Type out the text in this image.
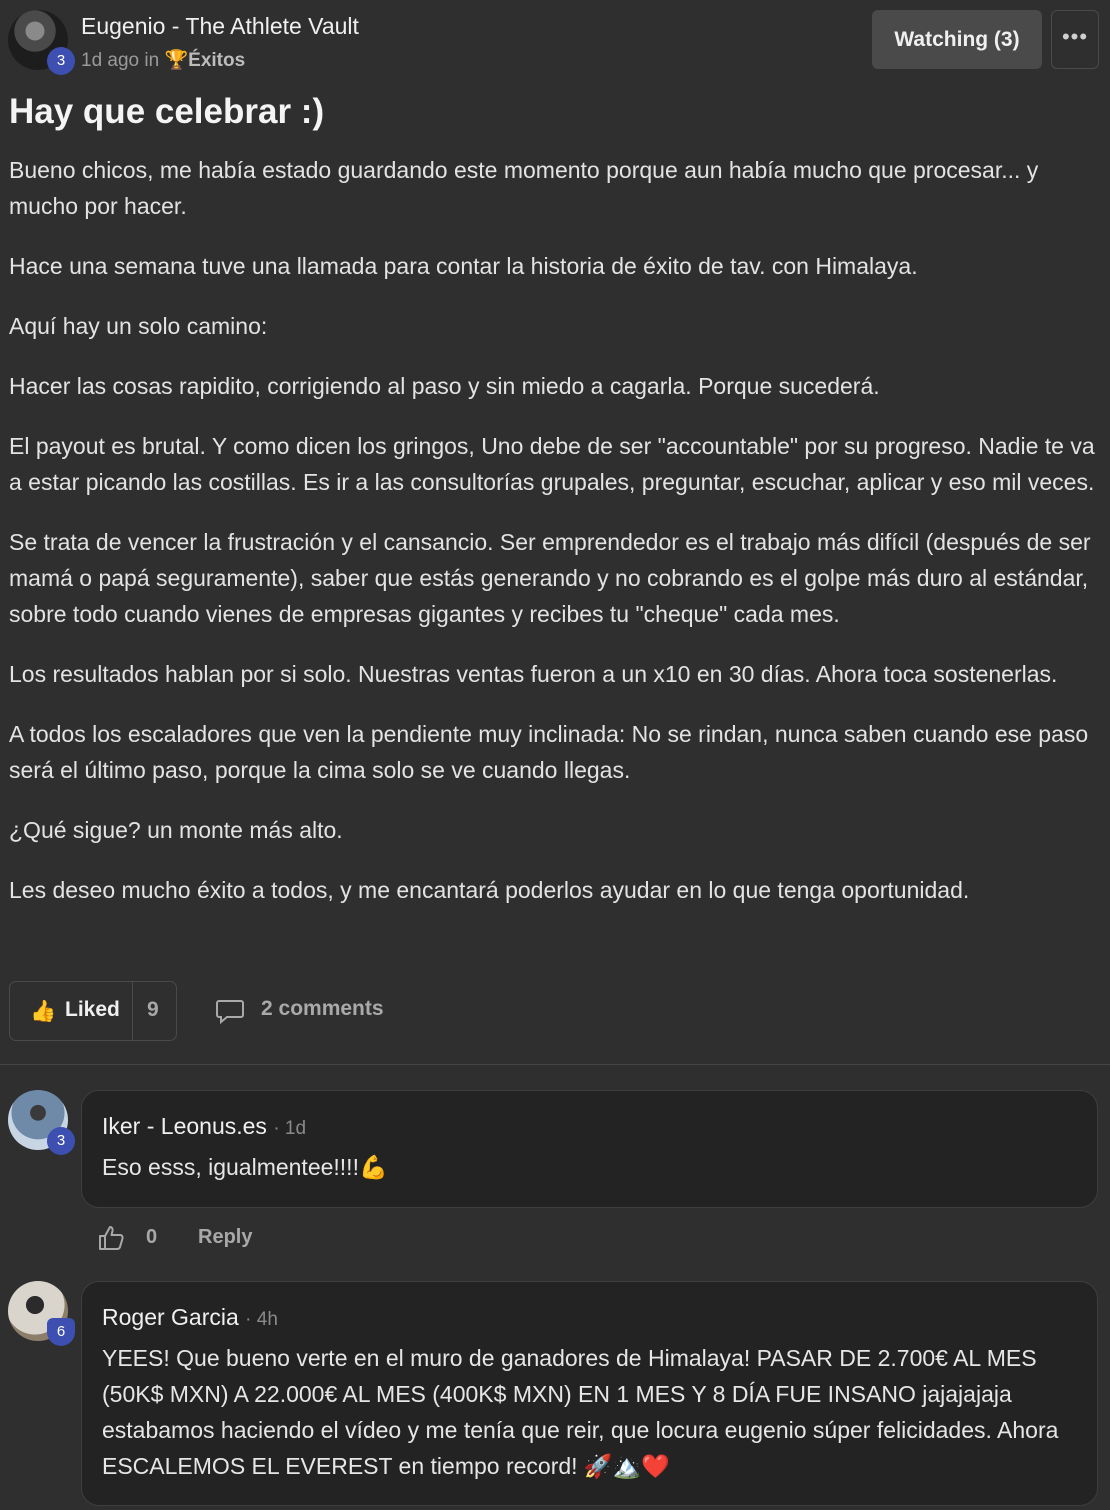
3
Eugenio - The Athlete Vault
1d ago in 🏆Éxitos
Watching (3)	•••
Hay que celebrar :)

Bueno chicos, me había estado guardando este momento porque aun había mucho que procesar... y mucho por hacer.

Hace una semana tuve una llamada para contar la historia de éxito de tav. con Himalaya.

Aquí hay un solo camino:

Hacer las cosas rapidito, corrigiendo al paso y sin miedo a cagarla. Porque sucederá.

El payout es brutal. Y como dicen los gringos, Uno debe de ser "accountable" por su progreso. Nadie te va a estar picando las costillas. Es ir a las consultorías grupales, preguntar, escuchar, aplicar y eso mil veces.

Se trata de vencer la frustración y el cansancio. Ser emprendedor es el trabajo más difícil (después de ser mamá o papá seguramente), saber que estás generando y no cobrando es el golpe más duro al estándar, sobre todo cuando vienes de empresas gigantes y recibes tu "cheque" cada mes.

Los resultados hablan por si solo. Nuestras ventas fueron a un x10 en 30 días. Ahora toca sostenerlas.

A todos los escaladores que ven la pendiente muy inclinada: No se rindan, nunca saben cuando ese paso será el último paso, porque la cima solo se ve cuando llegas.

¿Qué sigue? un monte más alto.

Les deseo mucho éxito a todos, y me encantará poderlos ayudar en lo que tenga oportunidad.

👍 Liked 9	2 comments
3
Iker - Leonus.es · 1d
Eso esss, igualmentee!!!!💪
0 Reply
6
Roger Garcia · 4h
YEES! Que bueno verte en el muro de ganadores de Himalaya! PASAR DE 2.700€ AL MES (50K$ MXN) A 22.000€ AL MES (400K$ MXN) EN 1 MES Y 8 DÍA FUE INSANO jajajajaja estabamos haciendo el vídeo y me tenía que reir, que locura eugenio súper felicidades. Ahora ESCALEMOS EL EVEREST en tiempo record! 🚀🏔️❤️
